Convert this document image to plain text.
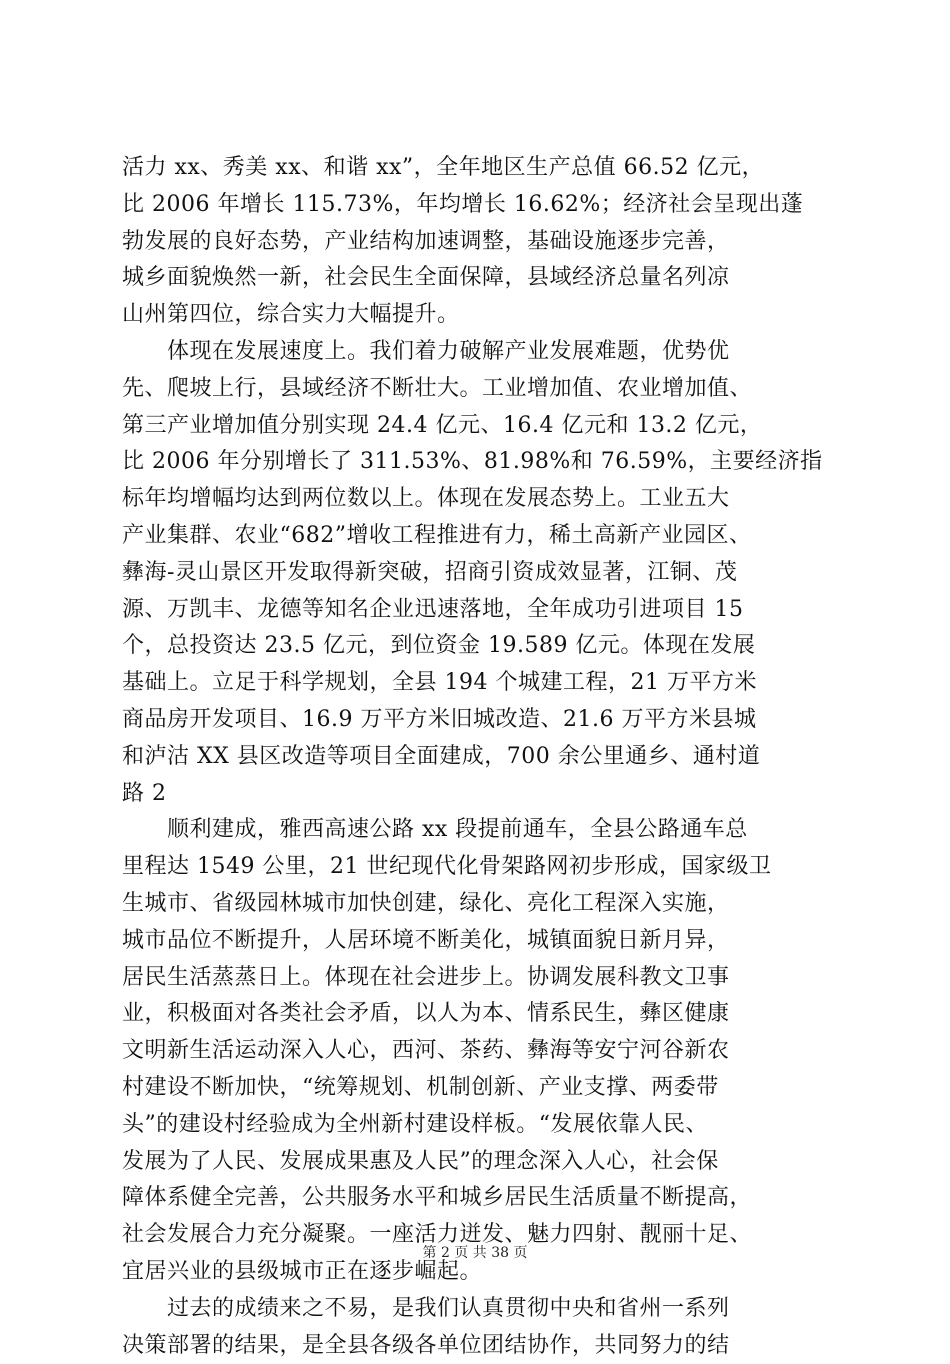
活力 xx、秀美 xx、和谐 xx”，全年地区生产总值 66.52 亿元，
比 2006 年增长 115.73%，年均增长 16.62%；经济社会呈现出蓬
勃发展的良好态势，产业结构加速调整，基础设施逐步完善，
城乡面貌焕然一新，社会民生全面保障，县域经济总量名列凉
山州第四位，综合实力大幅提升。
　　体现在发展速度上。我们着力破解产业发展难题，优势优
先、爬坡上行，县域经济不断壮大。工业增加值、农业增加值、
第三产业增加值分别实现 24.4 亿元、16.4 亿元和 13.2 亿元，
比 2006 年分别增长了 311.53%、81.98%和 76.59%，主要经济指
标年均增幅均达到两位数以上。体现在发展态势上。工业五大
产业集群、农业“682”增收工程推进有力，稀土高新产业园区、
彝海-灵山景区开发取得新突破，招商引资成效显著，江铜、茂
源、万凯丰、龙德等知名企业迅速落地，全年成功引进项目 15
个，总投资达 23.5 亿元，到位资金 19.589 亿元。体现在发展
基础上。立足于科学规划，全县 194 个城建工程，21 万平方米
商品房开发项目、16.9 万平方米旧城改造、21.6 万平方米县城
和泸沽 XX 县区改造等项目全面建成，700 余公里通乡、通村道
路 2
　　顺利建成，雅西高速公路 xx 段提前通车，全县公路通车总
里程达 1549 公里，21 世纪现代化骨架路网初步形成，国家级卫
生城市、省级园林城市加快创建，绿化、亮化工程深入实施，
城市品位不断提升，人居环境不断美化，城镇面貌日新月异，
居民生活蒸蒸日上。体现在社会进步上。协调发展科教文卫事
业，积极面对各类社会矛盾，以人为本、情系民生，彝区健康
文明新生活运动深入人心，西河、茶药、彝海等安宁河谷新农
村建设不断加快，“统筹规划、机制创新、产业支撑、两委带
头”的建设村经验成为全州新村建设样板。“发展依靠人民、
发展为了人民、发展成果惠及人民”的理念深入人心，社会保
障体系健全完善，公共服务水平和城乡居民生活质量不断提高，
社会发展合力充分凝聚。一座活力迸发、魅力四射、靓丽十足、
宜居兴业的县级城市正在逐步崛起。
　　过去的成绩来之不易，是我们认真贯彻中央和省州一系列
决策部署的结果，是全县各级各单位团结协作，共同努力的结
第 2 页 共 38 页
